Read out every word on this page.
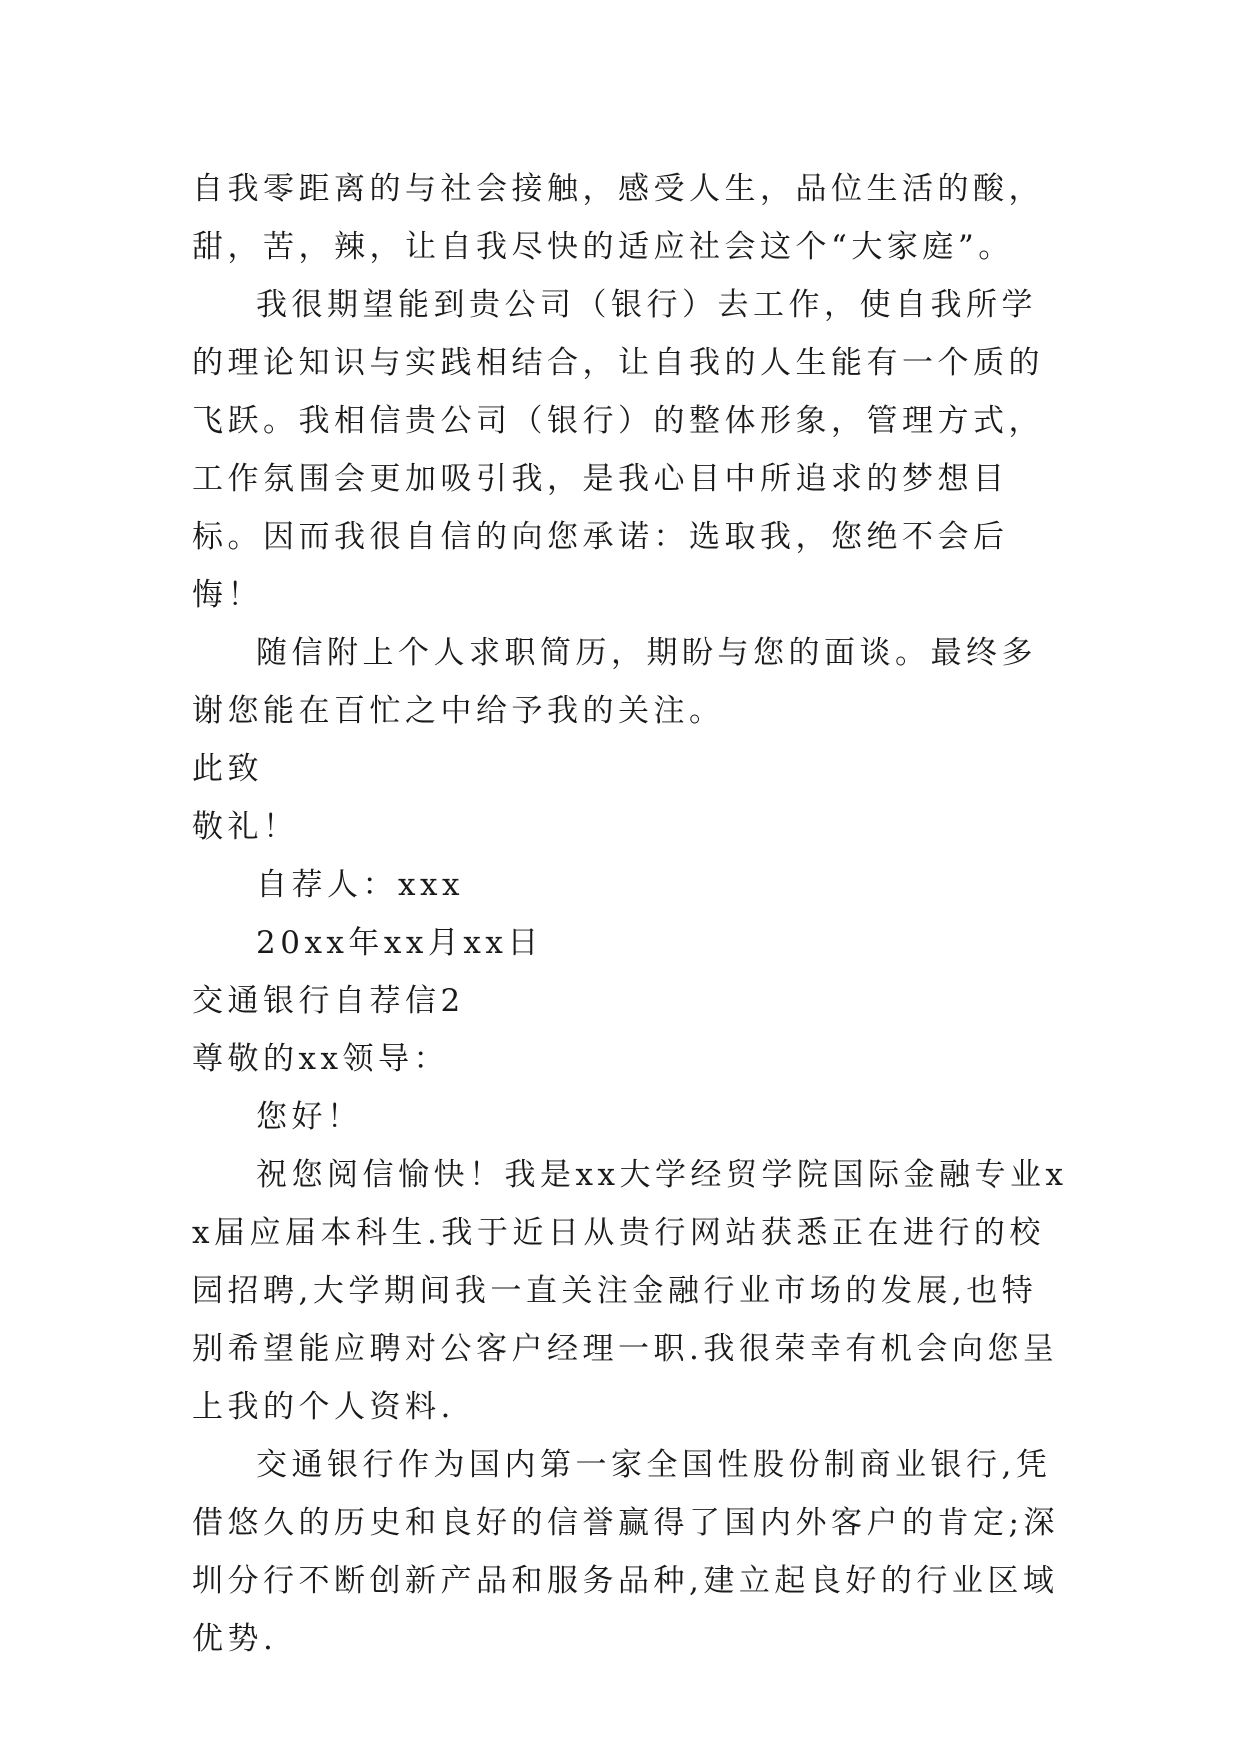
自我零距离的与社会接触，感受人生，品位生活的酸，甜，苦，辣，让自我尽快的适应社会这个“大家庭”。

我很期望能到贵公司（银行）去工作，使自我所学的理论知识与实践相结合，让自我的人生能有一个质的飞跃。我相信贵公司（银行）的整体形象，管理方式，工作氛围会更加吸引我，是我心目中所追求的梦想目标。因而我很自信的向您承诺：选取我，您绝不会后悔！

随信附上个人求职简历，期盼与您的面谈。最终多谢您能在百忙之中给予我的关注。

此致

敬礼！

自荐人：xxx

20xx年xx月xx日

交通银行自荐信2

尊敬的xx领导：

您好！

祝您阅信愉快！我是xx大学经贸学院国际金融专业xx届应届本科生.我于近日从贵行网站获悉正在进行的校园招聘,大学期间我一直关注金融行业市场的发展,也特别希望能应聘对公客户经理一职.我很荣幸有机会向您呈上我的个人资料.

交通银行作为国内第一家全国性股份制商业银行,凭借悠久的历史和良好的信誉赢得了国内外客户的肯定;深圳分行不断创新产品和服务品种,建立起良好的行业区域优势.
